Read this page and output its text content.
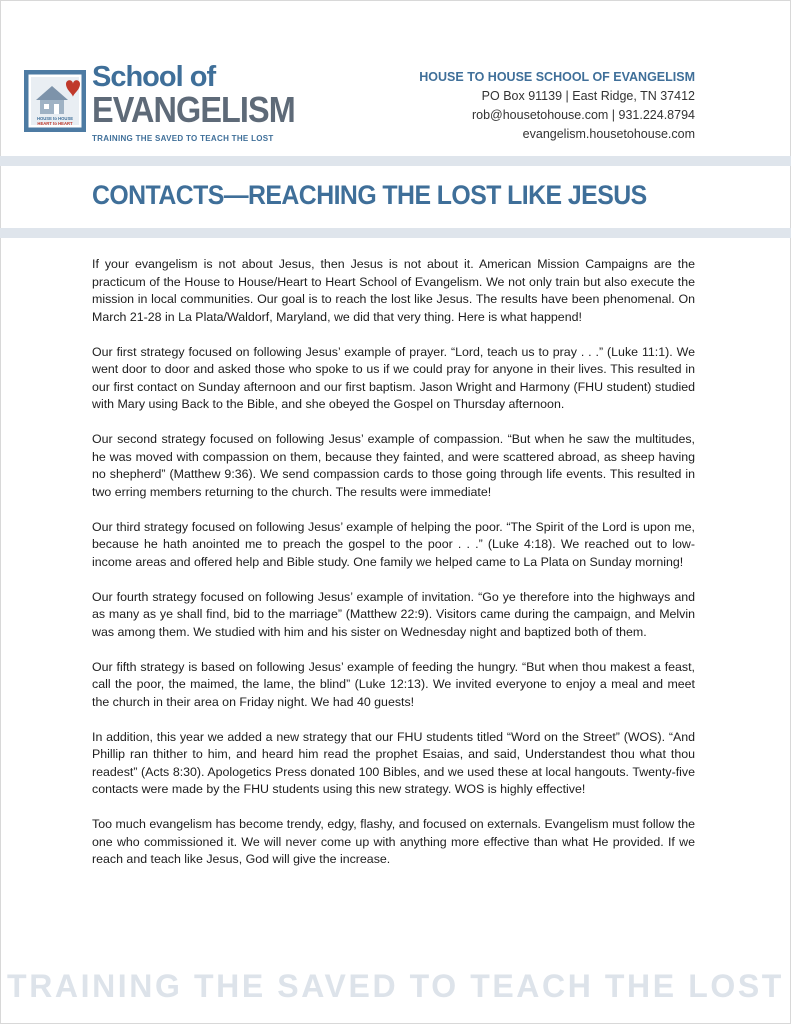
HOUSE to HOUSE
HEART to HEART
School of
EVANGELISM
TRAINING THE SAVED TO TEACH THE LOST
HOUSE TO HOUSE SCHOOL OF EVANGELISM
PO Box 91139 | East Ridge, TN 37412
rob@housetohouse.com | 931.224.8794
evangelism.housetohouse.com
CONTACTS—REACHING THE LOST LIKE JESUS

If your evangelism is not about Jesus, then Jesus is not about it. American Mission Campaigns are the practicum of the House to House/Heart to Heart School of Evangelism. We not only train but also execute the mission in local communities. Our goal is to reach the lost like Jesus. The results have been phenomenal. On March 21-28 in La Plata/Waldorf, Maryland, we did that very thing. Here is what happend!

Our first strategy focused on following Jesus’ example of prayer. “Lord, teach us to pray . . .” (Luke 11:1). We went door to door and asked those who spoke to us if we could pray for anyone in their lives. This resulted in our first contact on Sunday afternoon and our first baptism. Jason Wright and Harmony (FHU student) studied with Mary using Back to the Bible, and she obeyed the Gospel on Thursday afternoon.

Our second strategy focused on following Jesus’ example of compassion. “But when he saw the multitudes, he was moved with compassion on them, because they fainted, and were scattered abroad, as sheep having no shepherd” (Matthew 9:36). We send compassion cards to those going through life events. This resulted in two erring members returning to the church. The results were immediate!

Our third strategy focused on following Jesus’ example of helping the poor. “The Spirit of the Lord is upon me, because he hath anointed me to preach the gospel to the poor . . .” (Luke 4:18). We reached out to low-income areas and offered help and Bible study. One family we helped came to La Plata on Sunday morning!

Our fourth strategy focused on following Jesus’ example of invitation. “Go ye therefore into the highways and as many as ye shall find, bid to the marriage” (Matthew 22:9). Visitors came during the campaign, and Melvin was among them. We studied with him and his sister on Wednesday night and baptized both of them.

Our fifth strategy is based on following Jesus’ example of feeding the hungry. “But when thou makest a feast, call the poor, the maimed, the lame, the blind” (Luke 12:13). We invited everyone to enjoy a meal and meet the church in their area on Friday night. We had 40 guests!

In addition, this year we added a new strategy that our FHU students titled “Word on the Street” (WOS). “And Phillip ran thither to him, and heard him read the prophet Esaias, and said, Understandest thou what thou readest” (Acts 8:30). Apologetics Press donated 100 Bibles, and we used these at local hangouts. Twenty-five contacts were made by the FHU students using this new strategy. WOS is highly effective!

Too much evangelism has become trendy, edgy, flashy, and focused on externals. Evangelism must follow the one who commissioned it. We will never come up with anything more effective than what He provided. If we reach and teach like Jesus, God will give the increase.

TRAINING THE SAVED TO TEACH THE LOST
